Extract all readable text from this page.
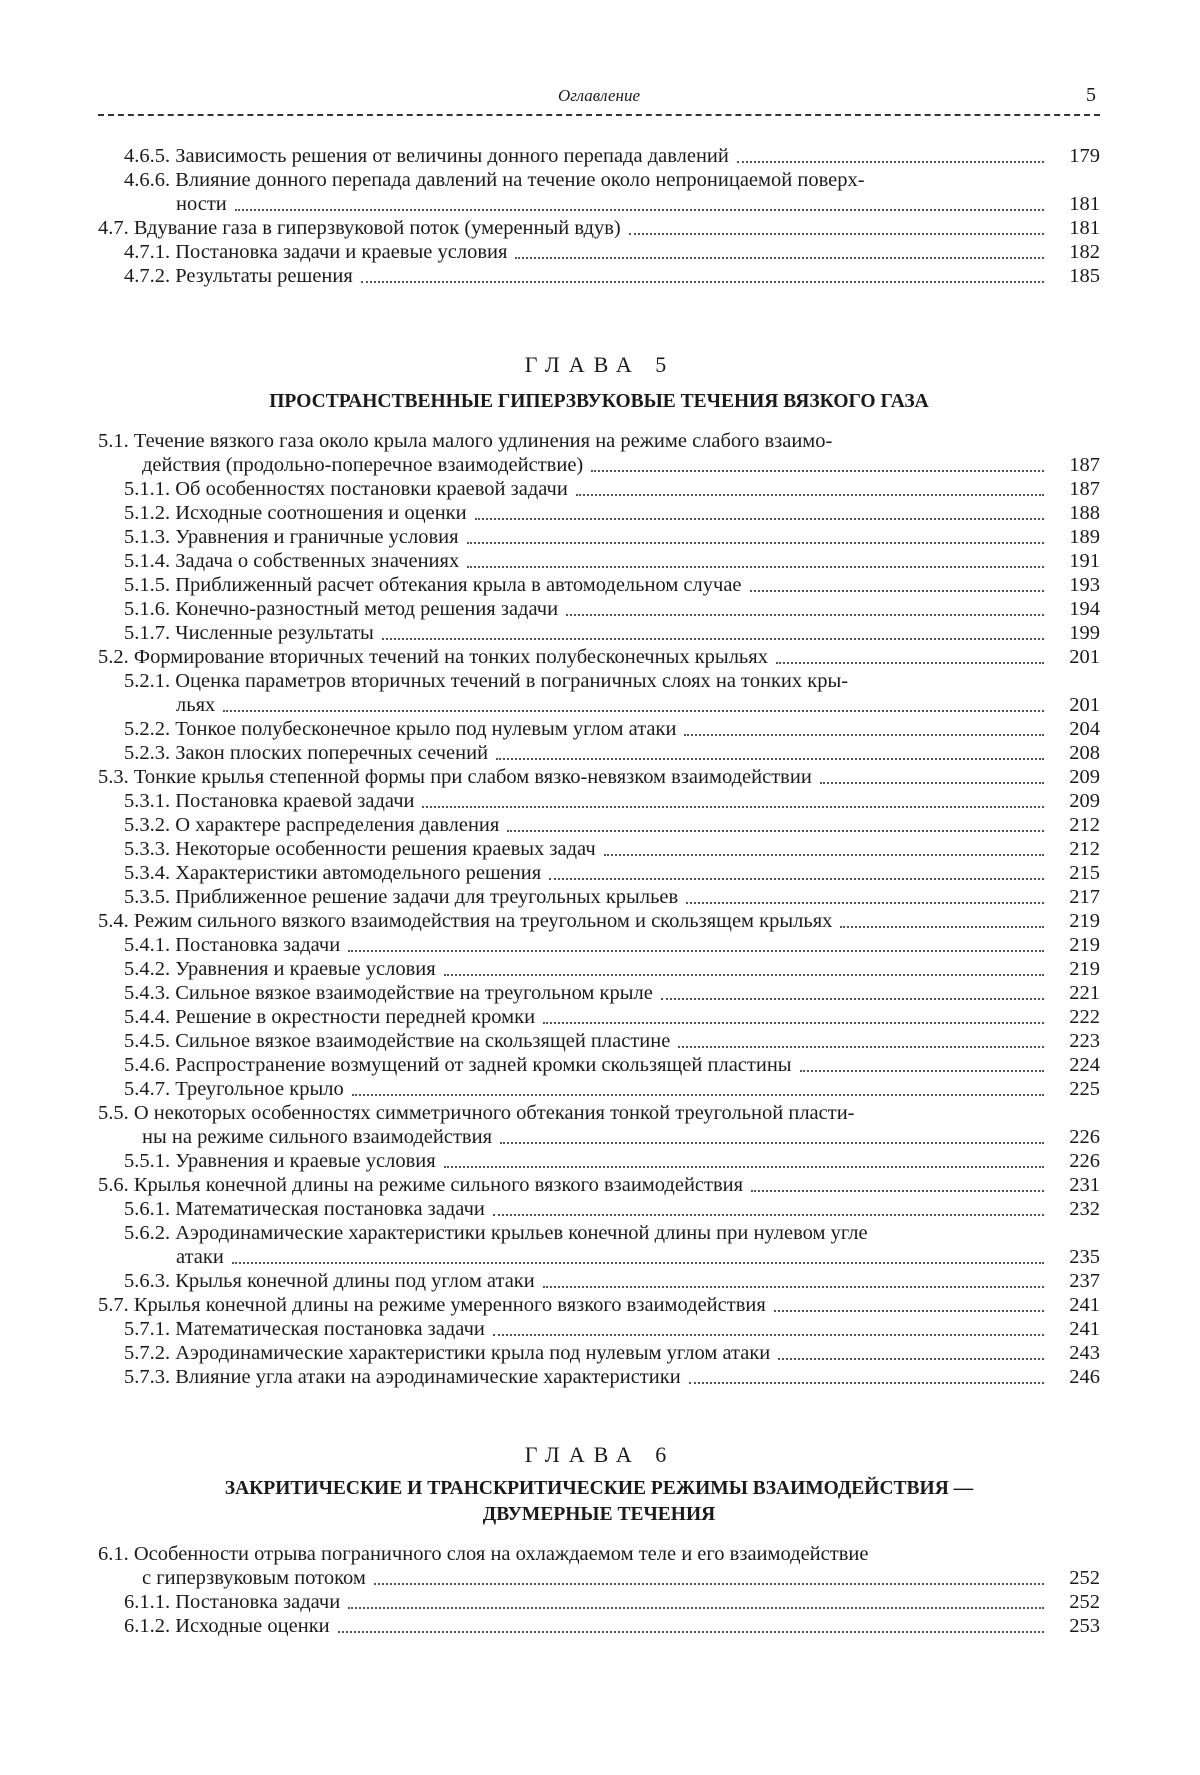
Оглавление	5
4.6.5. Зависимость решения от величины донного перепада давлений	179
4.6.6. Влияние донного перепада давлений на течение около непроницаемой поверх-
ности	181
4.7. Вдувание газа в гиперзвуковой поток (умеренный вдув)	181
4.7.1. Постановка задачи и краевые условия	182
4.7.2. Результаты решения	185
ГЛАВА 5
ПРОСТРАНСТВЕННЫЕ ГИПЕРЗВУКОВЫЕ ТЕЧЕНИЯ ВЯЗКОГО ГАЗА
5.1. Течение вязкого газа около крыла малого удлинения на режиме слабого взаимо-
действия (продольно-поперечное взаимодействие)	187
5.1.1. Об особенностях постановки краевой задачи	187
5.1.2. Исходные соотношения и оценки	188
5.1.3. Уравнения и граничные условия	189
5.1.4. Задача о собственных значениях	191
5.1.5. Приближенный расчет обтекания крыла в автомодельном случае	193
5.1.6. Конечно-разностный метод решения задачи	194
5.1.7. Численные результаты	199
5.2. Формирование вторичных течений на тонких полубесконечных крыльях	201
5.2.1. Оценка параметров вторичных течений в пограничных слоях на тонких кры-
льях	201
5.2.2. Тонкое полубесконечное крыло под нулевым углом атаки	204
5.2.3. Закон плоских поперечных сечений	208
5.3. Тонкие крылья степенной формы при слабом вязко-невязком взаимодействии	209
5.3.1. Постановка краевой задачи	209
5.3.2. О характере распределения давления	212
5.3.3. Некоторые особенности решения краевых задач	212
5.3.4. Характеристики автомодельного решения	215
5.3.5. Приближенное решение задачи для треугольных крыльев	217
5.4. Режим сильного вязкого взаимодействия на треугольном и скользящем крыльях	219
5.4.1. Постановка задачи	219
5.4.2. Уравнения и краевые условия	219
5.4.3. Сильное вязкое взаимодействие на треугольном крыле	221
5.4.4. Решение в окрестности передней кромки	222
5.4.5. Сильное вязкое взаимодействие на скользящей пластине	223
5.4.6. Распространение возмущений от задней кромки скользящей пластины	224
5.4.7. Треугольное крыло	225
5.5. О некоторых особенностях симметричного обтекания тонкой треугольной пласти-
ны на режиме сильного взаимодействия	226
5.5.1. Уравнения и краевые условия	226
5.6. Крылья конечной длины на режиме сильного вязкого взаимодействия	231
5.6.1. Математическая постановка задачи	232
5.6.2. Аэродинамические характеристики крыльев конечной длины при нулевом угле
атаки	235
5.6.3. Крылья конечной длины под углом атаки	237
5.7. Крылья конечной длины на режиме умеренного вязкого взаимодействия	241
5.7.1. Математическая постановка задачи	241
5.7.2. Аэродинамические характеристики крыла под нулевым углом атаки	243
5.7.3. Влияние угла атаки на аэродинамические характеристики	246
ГЛАВА 6
ЗАКРИТИЧЕСКИЕ И ТРАНСКРИТИЧЕСКИЕ РЕЖИМЫ ВЗАИМОДЕЙСТВИЯ —
ДВУМЕРНЫЕ ТЕЧЕНИЯ
6.1. Особенности отрыва пограничного слоя на охлаждаемом теле и его взаимодействие
с гиперзвуковым потоком	252
6.1.1. Постановка задачи	252
6.1.2. Исходные оценки	253
